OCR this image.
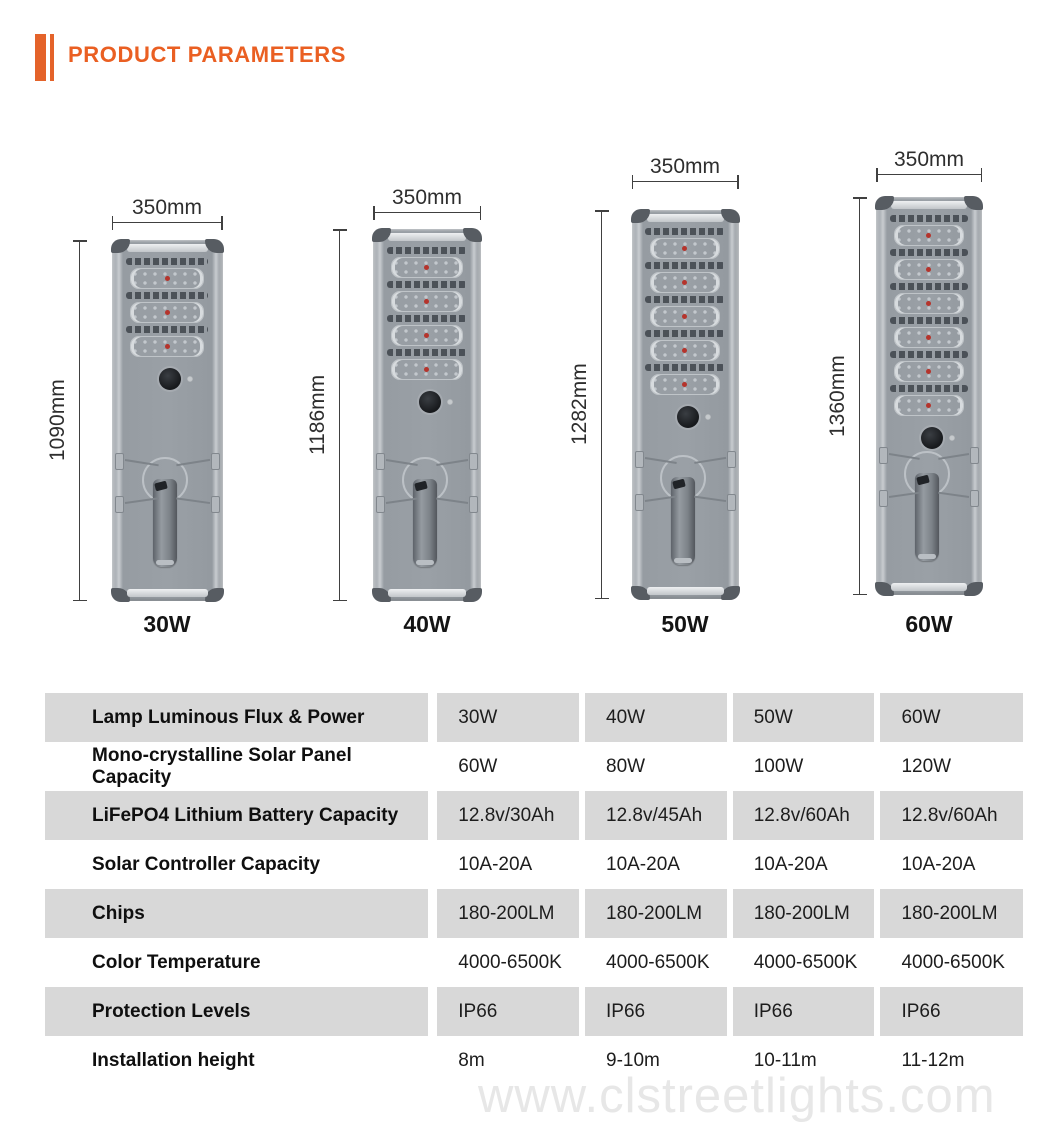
PRODUCT PARAMETERS
350mm
1090mm
30W
350mm
1186mm
40W
350mm
1282mm
50W
350mm
1360mm
60W
Lamp Luminous Flux & Power	30W	40W	50W	60W
Mono-crystalline Solar Panel Capacity
60W	80W	100W	120W
LiFePO4 Lithium Battery Capacity	12.8v/30Ah	12.8v/45Ah	12.8v/60Ah	12.8v/60Ah
Solar Controller Capacity	10A-20A	10A-20A	10A-20A	10A-20A
Chips	180-200LM	180-200LM	180-200LM	180-200LM
Color Temperature	4000-6500K	4000-6500K	4000-6500K	4000-6500K
Protection Levels	IP66	IP66	IP66	IP66
Installation height	8m	9-10m	10-11m	11-12m
www.clstreetlights.com
